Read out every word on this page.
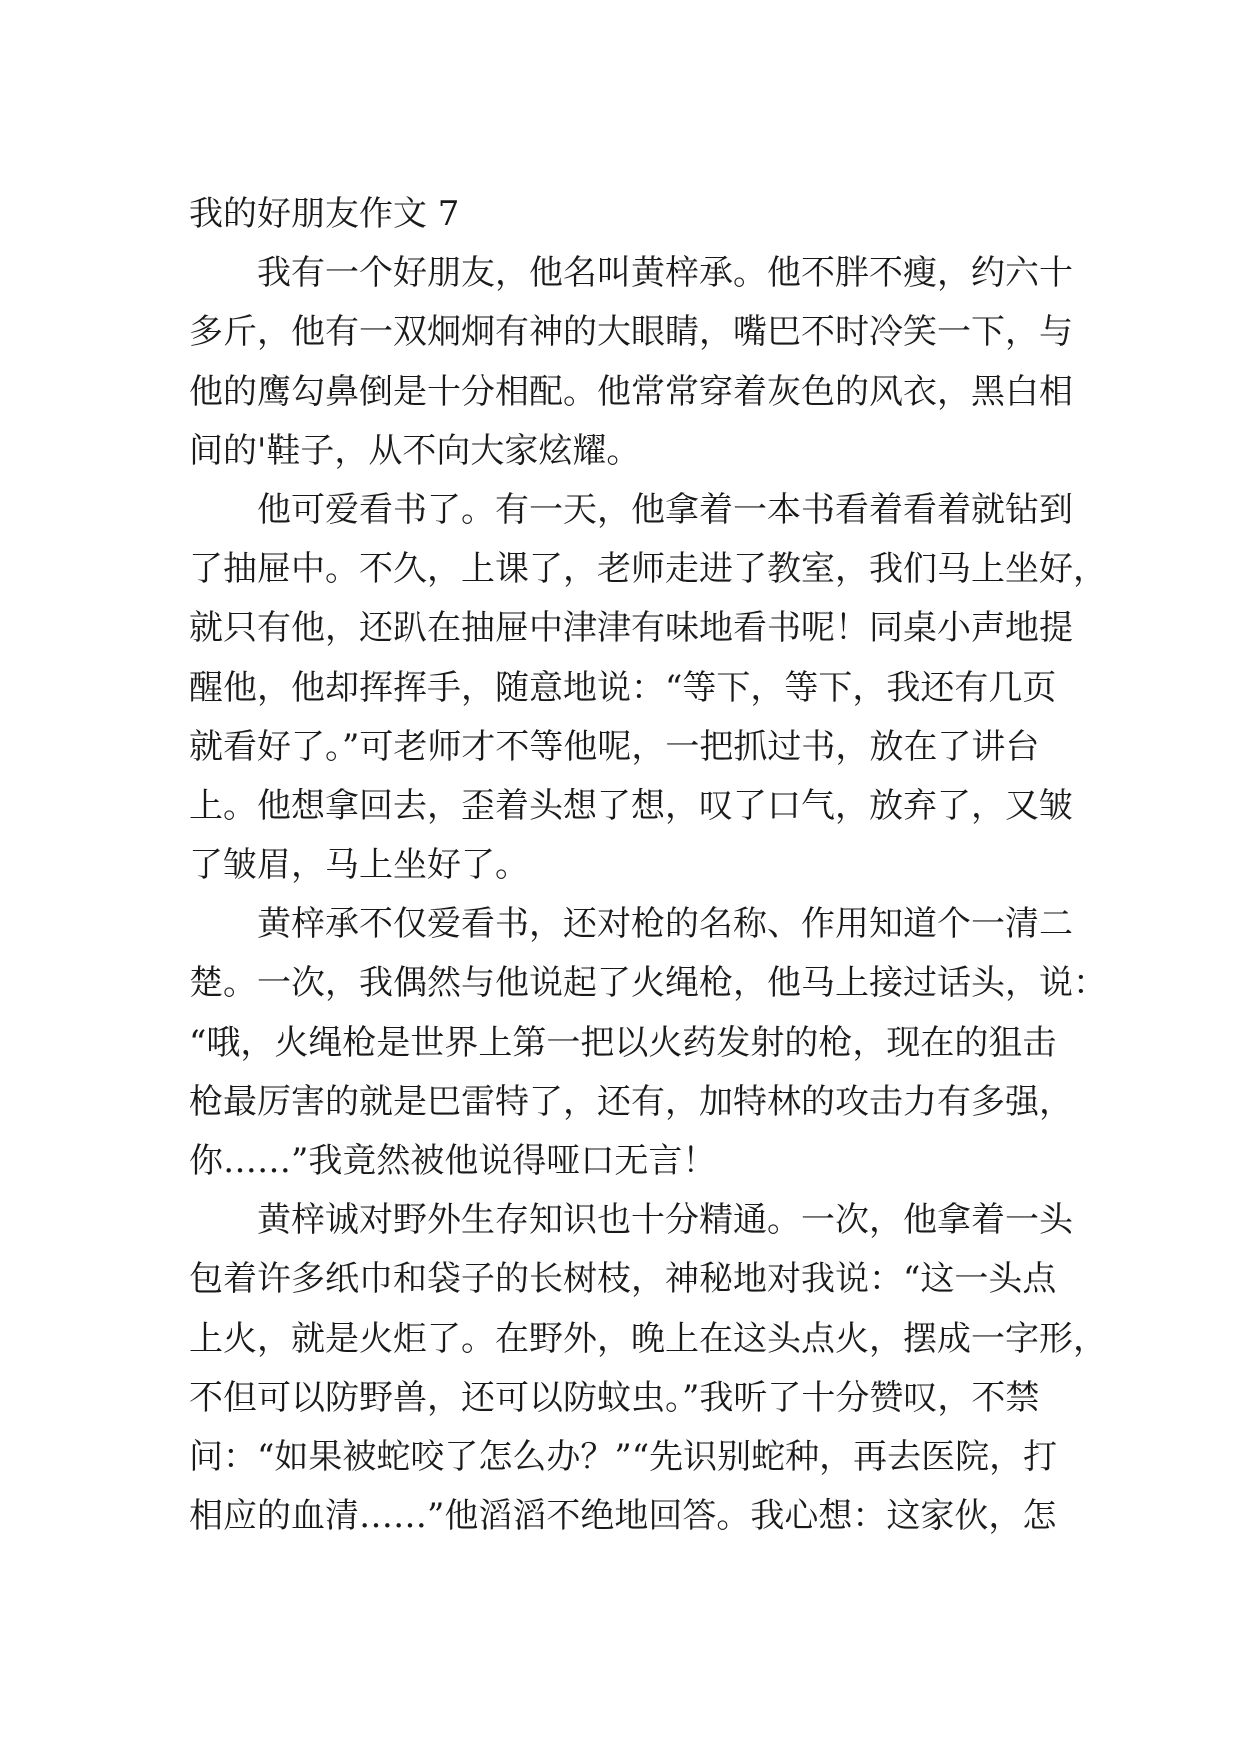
我的好朋友作文 7
我有一个好朋友，他名叫黄梓承。他不胖不瘦，约六十
多斤，他有一双炯炯有神的大眼睛，嘴巴不时冷笑一下，与
他的鹰勾鼻倒是十分相配。他常常穿着灰色的风衣，黑白相
间的'鞋子，从不向大家炫耀。
他可爱看书了。有一天，他拿着一本书看着看着就钻到
了抽屉中。不久，上课了，老师走进了教室，我们马上坐好，
就只有他，还趴在抽屉中津津有味地看书呢！同桌小声地提
醒他，他却挥挥手，随意地说：“等下，等下，我还有几页
就看好了。”可老师才不等他呢，一把抓过书，放在了讲台
上。他想拿回去，歪着头想了想，叹了口气，放弃了，又皱
了皱眉，马上坐好了。
黄梓承不仅爱看书，还对枪的名称、作用知道个一清二
楚。一次，我偶然与他说起了火绳枪，他马上接过话头，说：
“哦，火绳枪是世界上第一把以火药发射的枪，现在的狙击
枪最厉害的就是巴雷特了，还有，加特林的攻击力有多强，
你……”我竟然被他说得哑口无言！
黄梓诚对野外生存知识也十分精通。一次，他拿着一头
包着许多纸巾和袋子的长树枝，神秘地对我说：“这一头点
上火，就是火炬了。在野外，晚上在这头点火，摆成一字形，
不但可以防野兽，还可以防蚊虫。”我听了十分赞叹，不禁
问：“如果被蛇咬了怎么办？”“先识别蛇种，再去医院，打
相应的血清……”他滔滔不绝地回答。我心想：这家伙，怎
